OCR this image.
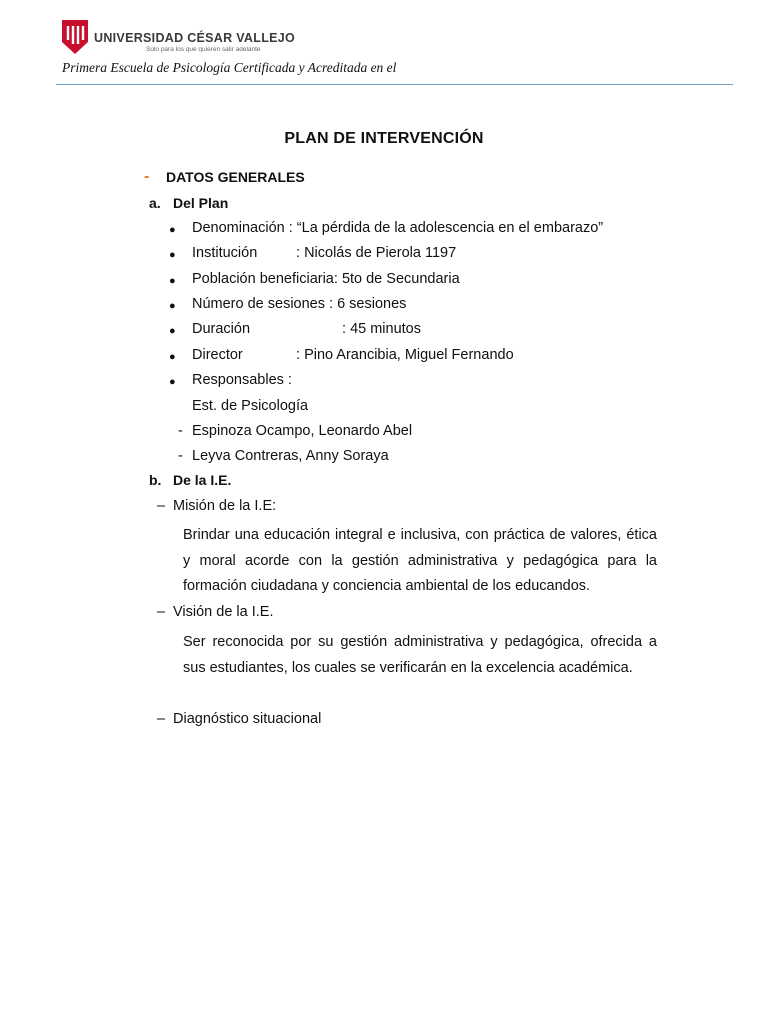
UNIVERSIDAD CÉSAR VALLEJO
Solo para los que quieren salir adelante
Primera Escuela de Psicología Certificada y Acreditada en el
PLAN DE INTERVENCIÓN
- DATOS GENERALES
a. Del Plan
● Denominación : “La pérdida de la adolescencia en el embarazo”
● Institución	: Nicolás de Pierola 1197
● Población beneficiaria: 5to de Secundaria
● Número de sesiones : 6 sesiones
● Duración	: 45 minutos
● Director	: Pino Arancibia, Miguel Fernando
● Responsables :
Est. de Psicología
- Espinoza Ocampo, Leonardo Abel
- Leyva Contreras, Anny Soraya
b. De la I.E.
– Misión de la I.E:
Brindar una educación integral e inclusiva, con práctica de valores, ética y moral acorde con la gestión administrativa y pedagógica para la formación ciudadana y conciencia ambiental de los educandos.
– Visión de la I.E.
Ser reconocida por su gestión administrativa y pedagógica, ofrecida a sus estudiantes, los cuales se verificarán en la excelencia académica.
– Diagnóstico situacional
